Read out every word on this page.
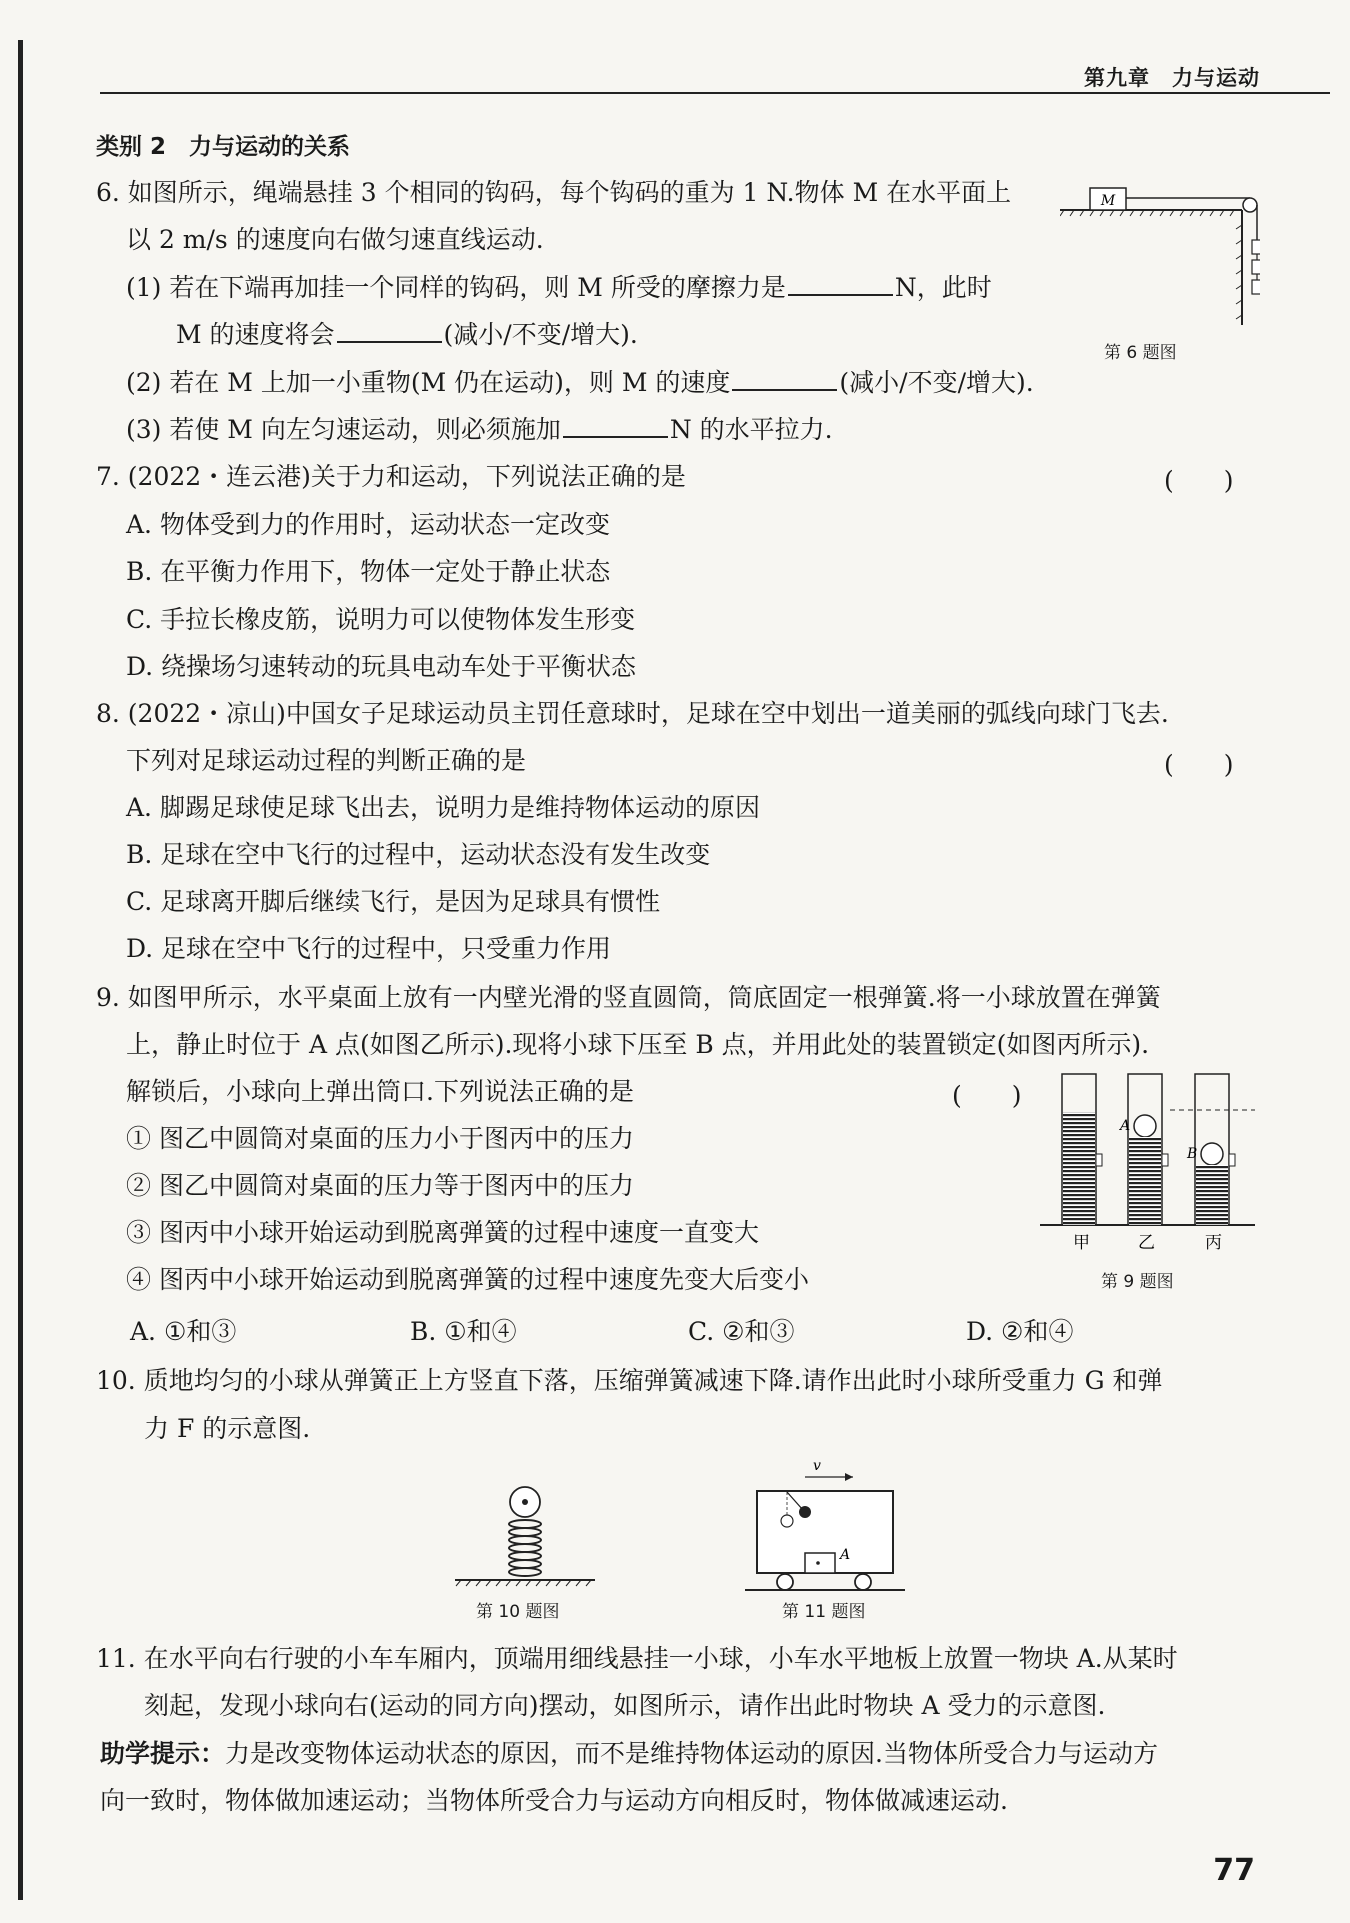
第九章　力与运动
类别 2　力与运动的关系
6. 如图所示，绳端悬挂 3 个相同的钩码，每个钩码的重为 1 N.物体 M 在水平面上
以 2 m/s 的速度向右做匀速直线运动.
(1) 若在下端再加挂一个同样的钩码，则 M 所受的摩擦力是	N，此时
M 的速度将会	(减小/不变/增大).
(2) 若在 M 上加一小重物(M 仍在运动)，则 M 的速度	(减小/不变/增大).
(3) 若使 M 向左匀速运动，则必须施加	N 的水平拉力.
M
第 6 题图
7. (2022・连云港)关于力和运动，下列说法正确的是	(　　)
A. 物体受到力的作用时，运动状态一定改变
B. 在平衡力作用下，物体一定处于静止状态
C. 手拉长橡皮筋，说明力可以使物体发生形变
D. 绕操场匀速转动的玩具电动车处于平衡状态
8. (2022・凉山)中国女子足球运动员主罚任意球时，足球在空中划出一道美丽的弧线向球门飞去.
下列对足球运动过程的判断正确的是	(　　)
A. 脚踢足球使足球飞出去，说明力是维持物体运动的原因
B. 足球在空中飞行的过程中，运动状态没有发生改变
C. 足球离开脚后继续飞行，是因为足球具有惯性
D. 足球在空中飞行的过程中，只受重力作用
9. 如图甲所示，水平桌面上放有一内壁光滑的竖直圆筒，筒底固定一根弹簧.将一小球放置在弹簧
上，静止时位于 A 点(如图乙所示).现将小球下压至 B 点，并用此处的装置锁定(如图丙所示).
解锁后，小球向上弹出筒口.下列说法正确的是	(　　)
① 图乙中圆筒对桌面的压力小于图丙中的压力
② 图乙中圆筒对桌面的压力等于图丙中的压力
③ 图丙中小球开始运动到脱离弹簧的过程中速度一直变大
④ 图丙中小球开始运动到脱离弹簧的过程中速度先变大后变小
A. ①和③	B. ①和④	C. ②和③	D. ②和④
A
B
甲	乙	丙
第 9 题图
10. 质地均匀的小球从弹簧正上方竖直下落，压缩弹簧减速下降.请作出此时小球所受重力 G 和弹
力 F 的示意图.
第 10 题图
v
A
第 11 题图
11. 在水平向右行驶的小车车厢内，顶端用细线悬挂一小球，小车水平地板上放置一物块 A.从某时
刻起，发现小球向右(运动的同方向)摆动，如图所示，请作出此时物块 A 受力的示意图.
助学提示：力是改变物体运动状态的原因，而不是维持物体运动的原因.当物体所受合力与运动方
向一致时，物体做加速运动；当物体所受合力与运动方向相反时，物体做减速运动.
77
